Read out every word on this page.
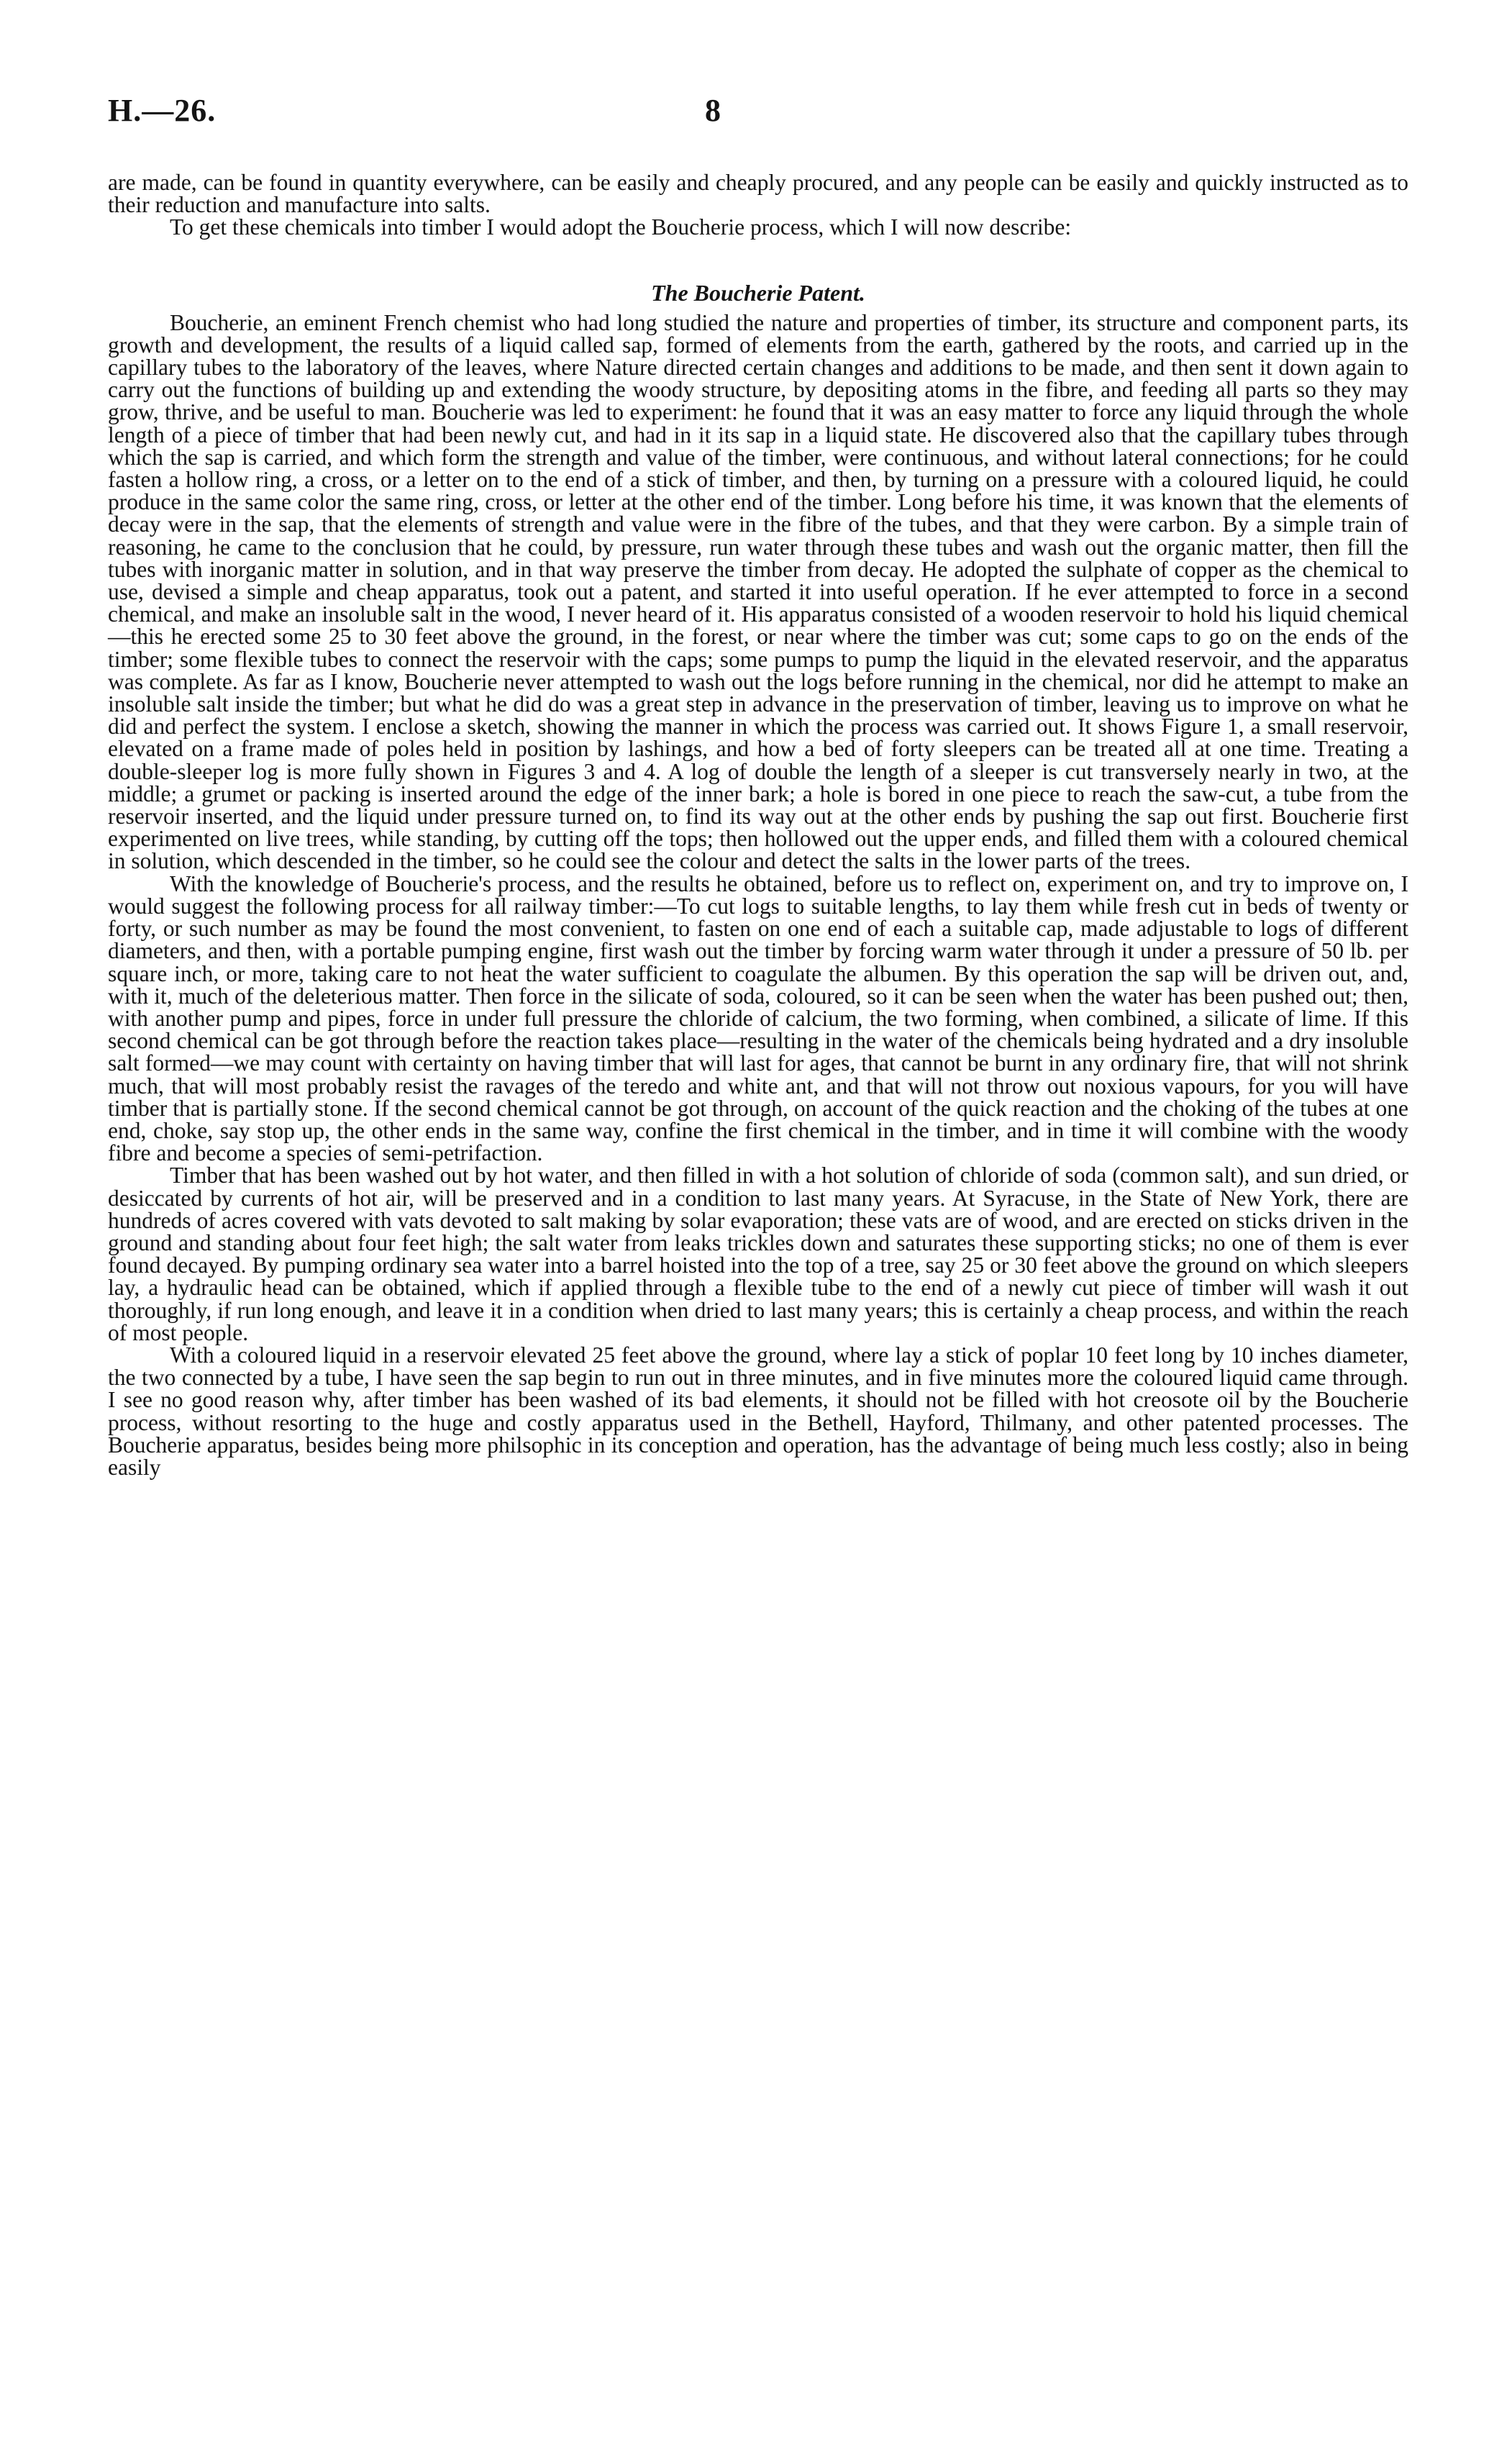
H.—26.	8

are made, can be found in quantity everywhere, can be easily and cheaply procured, and any people can be easily and quickly instructed as to their reduction and manufacture into salts.

To get these chemicals into timber I would adopt the Boucherie process, which I will now describe:

The Boucherie Patent.

Boucherie, an eminent French chemist who had long studied the nature and properties of timber, its structure and component parts, its growth and development, the results of a liquid called sap, formed of elements from the earth, gathered by the roots, and carried up in the capillary tubes to the laboratory of the leaves, where Nature directed certain changes and additions to be made, and then sent it down again to carry out the functions of building up and extending the woody structure, by depositing atoms in the fibre, and feeding all parts so they may grow, thrive, and be useful to man. Boucherie was led to experiment: he found that it was an easy matter to force any liquid through the whole length of a piece of timber that had been newly cut, and had in it its sap in a liquid state. He discovered also that the capillary tubes through which the sap is carried, and which form the strength and value of the timber, were continuous, and without lateral connections; for he could fasten a hollow ring, a cross, or a letter on to the end of a stick of timber, and then, by turning on a pressure with a coloured liquid, he could produce in the same color the same ring, cross, or letter at the other end of the timber. Long before his time, it was known that the elements of decay were in the sap, that the elements of strength and value were in the fibre of the tubes, and that they were carbon. By a simple train of reasoning, he came to the conclusion that he could, by pressure, run water through these tubes and wash out the organic matter, then fill the tubes with inorganic matter in solution, and in that way preserve the timber from decay. He adopted the sulphate of copper as the chemical to use, devised a simple and cheap apparatus, took out a patent, and started it into useful operation. If he ever attempted to force in a second chemical, and make an insoluble salt in the wood, I never heard of it. His apparatus consisted of a wooden reservoir to hold his liquid chemical—this he erected some 25 to 30 feet above the ground, in the forest, or near where the timber was cut; some caps to go on the ends of the timber; some flexible tubes to connect the reservoir with the caps; some pumps to pump the liquid in the elevated reservoir, and the apparatus was complete. As far as I know, Boucherie never attempted to wash out the logs before running in the chemical, nor did he attempt to make an insoluble salt inside the timber; but what he did do was a great step in advance in the preservation of timber, leaving us to improve on what he did and perfect the system. I enclose a sketch, showing the manner in which the process was carried out. It shows Figure 1, a small reservoir, elevated on a frame made of poles held in position by lashings, and how a bed of forty sleepers can be treated all at one time. Treating a double-sleeper log is more fully shown in Figures 3 and 4. A log of double the length of a sleeper is cut transversely nearly in two, at the middle; a grumet or packing is inserted around the edge of the inner bark; a hole is bored in one piece to reach the saw-cut, a tube from the reservoir inserted, and the liquid under pressure turned on, to find its way out at the other ends by pushing the sap out first. Boucherie first experimented on live trees, while standing, by cutting off the tops; then hollowed out the upper ends, and filled them with a coloured chemical in solution, which descended in the timber, so he could see the colour and detect the salts in the lower parts of the trees.

With the knowledge of Boucherie's process, and the results he obtained, before us to reflect on, experiment on, and try to improve on, I would suggest the following process for all railway timber:—To cut logs to suitable lengths, to lay them while fresh cut in beds of twenty or forty, or such number as may be found the most convenient, to fasten on one end of each a suitable cap, made adjustable to logs of different diameters, and then, with a portable pumping engine, first wash out the timber by forcing warm water through it under a pressure of 50 lb. per square inch, or more, taking care to not heat the water sufficient to coagulate the albumen. By this operation the sap will be driven out, and, with it, much of the deleterious matter. Then force in the silicate of soda, coloured, so it can be seen when the water has been pushed out; then, with another pump and pipes, force in under full pressure the chloride of calcium, the two forming, when combined, a silicate of lime. If this second chemical can be got through before the reaction takes place—resulting in the water of the chemicals being hydrated and a dry insoluble salt formed—we may count with certainty on having timber that will last for ages, that cannot be burnt in any ordinary fire, that will not shrink much, that will most probably resist the ravages of the teredo and white ant, and that will not throw out noxious vapours, for you will have timber that is partially stone. If the second chemical cannot be got through, on account of the quick reaction and the choking of the tubes at one end, choke, say stop up, the other ends in the same way, confine the first chemical in the timber, and in time it will combine with the woody fibre and become a species of semi-petrifaction.

Timber that has been washed out by hot water, and then filled in with a hot solution of chloride of soda (common salt), and sun dried, or desiccated by currents of hot air, will be preserved and in a condition to last many years. At Syracuse, in the State of New York, there are hundreds of acres covered with vats devoted to salt making by solar evaporation; these vats are of wood, and are erected on sticks driven in the ground and standing about four feet high; the salt water from leaks trickles down and saturates these supporting sticks; no one of them is ever found decayed. By pumping ordinary sea water into a barrel hoisted into the top of a tree, say 25 or 30 feet above the ground on which sleepers lay, a hydraulic head can be obtained, which if applied through a flexible tube to the end of a newly cut piece of timber will wash it out thoroughly, if run long enough, and leave it in a condition when dried to last many years; this is certainly a cheap process, and within the reach of most people.

With a coloured liquid in a reservoir elevated 25 feet above the ground, where lay a stick of poplar 10 feet long by 10 inches diameter, the two connected by a tube, I have seen the sap begin to run out in three minutes, and in five minutes more the coloured liquid came through. I see no good reason why, after timber has been washed of its bad elements, it should not be filled with hot creosote oil by the Boucherie process, without resorting to the huge and costly apparatus used in the Bethell, Hayford, Thilmany, and other patented processes. The Boucherie apparatus, besides being more philsophic in its conception and operation, has the advantage of being much less costly; also in being easily
